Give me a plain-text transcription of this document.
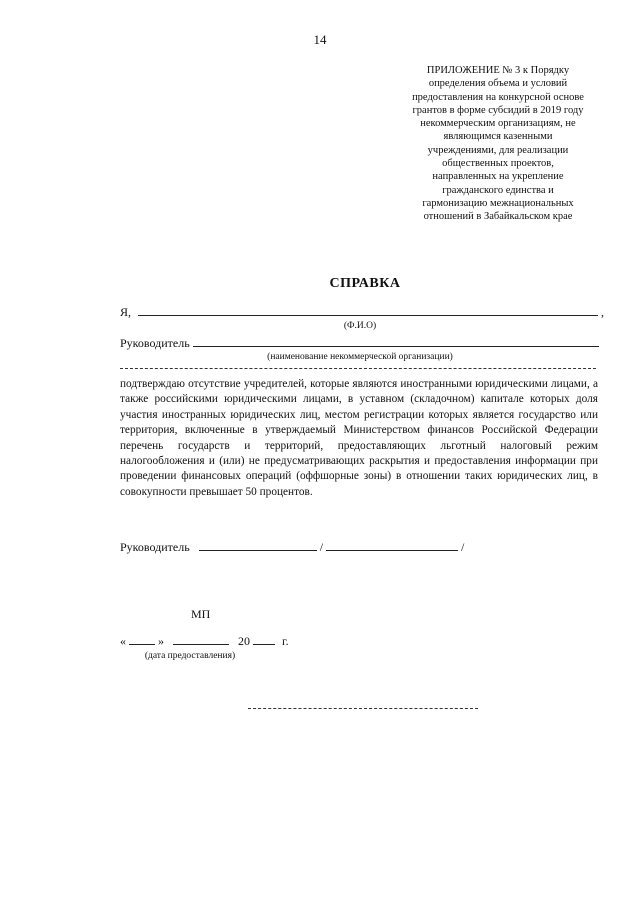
14
ПРИЛОЖЕНИЕ № 3 к Порядку
определения объема и условий
предоставления на конкурсной основе
грантов в форме субсидий в 2019 году
некоммерческим организациям, не
являющимся казенными
учреждениями, для реализации
общественных проектов,
направленных на укрепление
гражданского единства и
гармонизацию межнациональных
отношений в Забайкальском крае
СПРАВКА
Я,	,
(Ф.И.О)
Руководитель
(наименование некоммерческой организации)
подтверждаю отсутствие учредителей, которые являются иностранными юридическими лицами, а также российскими юридическими лицами, в уставном (складочном) капитале которых доля участия иностранных юридических лиц, местом регистрации которых является государство или территория, включенные в утверждаемый Министерством финансов Российской Федерации перечень государств и территорий, предоставляющих льготный налоговый режим налогообложения и (или) не предусматривающих раскрытия и предоставления информации при проведении финансовых операций (оффшорные зоны) в отношении таких юридических лиц, в совокупности превышает 50 процентов.
Руководитель	/	/
МП
«	»	20	г.
(дата предоставления)
